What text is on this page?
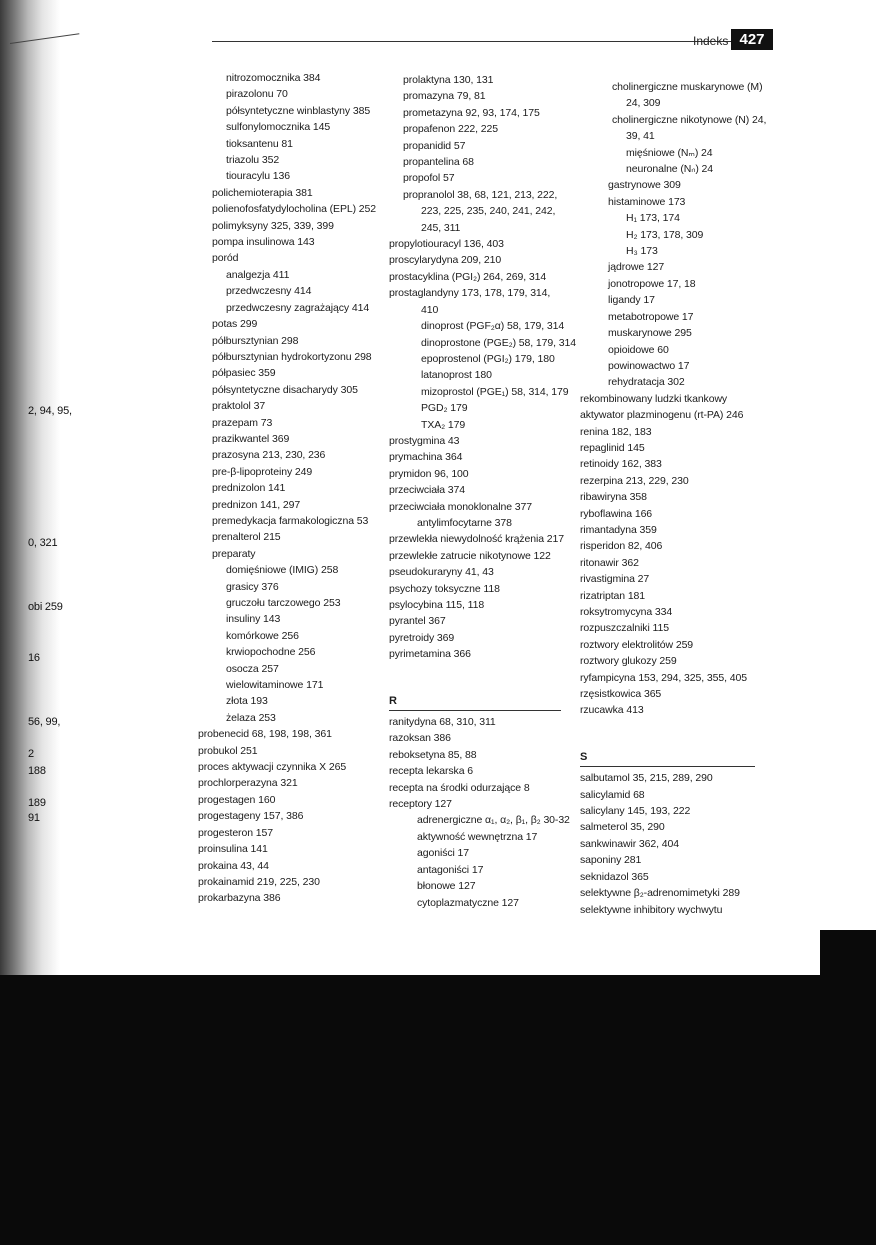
2, 94, 95,
0, 321
obi 259
16
56, 99,
2
188
189
91
Indeks 427
nitrozomocznika 384
pirazolonu 70
półsyntetyczne winblastyny 385
sulfonylomocznika 145
tioksantenu 81
triazolu 352
tiouracylu 136
polichemioterapia 381
polienofosfatydylocholina (EPL) 252
polimyksyny 325, 339, 399
pompa insulinowa 143
poród
analgezja 411
przedwczesny 414
przedwczesny zagrażający 414
potas 299
półbursztynian 298
półbursztynian hydrokortyzonu 298
półpasiec 359
półsyntetyczne disacharydy 305
praktolol 37
prazepam 73
prazikwantel 369
prazosyna 213, 230, 236
pre-β-lipoproteiny 249
prednizolon 141
prednizon 141, 297
premedykacja farmakologiczna 53
prenalterol 215
preparaty
domięśniowe (IMIG) 258
grasicy 376
gruczołu tarczowego 253
insuliny 143
komórkowe 256
krwiopochodne 256
osocza 257
wielowitaminowe 171
złota 193
żelaza 253
probenecid 68, 198, 198, 361
probukol 251
proces aktywacji czynnika X 265
prochlorperazyna 321
progestagen 160
progestageny 157, 386
progesteron 157
proinsulina 141
prokaina 43, 44
prokainamid 219, 225, 230
prokarbazyna 386
prolaktyna 130, 131
promazyna 79, 81
prometazyna 92, 93, 174, 175
propafenon 222, 225
propanidid 57
propantelina 68
propofol 57
propranolol 38, 68, 121, 213, 222,
223, 225, 235, 240, 241, 242,
245, 311
propylotiouracyl 136, 403
proscylarydyna 209, 210
prostacyklina (PGI₂) 264, 269, 314
prostaglandyny 173, 178, 179, 314,
410
dinoprost (PGF₂α) 58, 179, 314
dinoprostone (PGE₂) 58, 179, 314
epoprostenol (PGI₂) 179, 180
latanoprost 180
mizoprostol (PGE₁) 58, 314, 179
PGD₂ 179
TXA₂ 179
prostygmina 43
prymachina 364
prymidon 96, 100
przeciwciała 374
przeciwciała monoklonalne 377
antylimfocytarne 378
przewlekła niewydolność krążenia 217
przewlekłe zatrucie nikotynowe 122
pseudokuraryny 41, 43
psychozy toksyczne 118
psylocybina 115, 118
pyrantel 367
pyretroidy 369
pyrimetamina 366
R
ranitydyna 68, 310, 311
razoksan 386
reboksetyna 85, 88
recepta lekarska 6
recepta na środki odurzające 8
receptory 127
adrenergiczne α₁, α₂, β₁, β₂ 30-32
aktywność wewnętrzna 17
agoniści 17
antagoniści 17
błonowe 127
cytoplazmatyczne 127
cholinergiczne muskarynowe (M)
24, 309
cholinergiczne nikotynowe (N) 24,
39, 41
mięśniowe (Nₘ) 24
neuronalne (Nₙ) 24
gastrynowe 309
histaminowe 173
H₁ 173, 174
H₂ 173, 178, 309
H₃ 173
jądrowe 127
jonotropowe 17, 18
ligandy 17
metabotropowe 17
muskarynowe 295
opioidowe 60
powinowactwo 17
rehydratacja 302
rekombinowany ludzki tkankowy
aktywator plazminogenu (rt-PA) 246
renina 182, 183
repaglinid 145
retinoidy 162, 383
rezerpina 213, 229, 230
ribawiryna 358
ryboflawina 166
rimantadyna 359
risperidon 82, 406
ritonawir 362
rivastigmina 27
rizatriptan 181
roksytromycyna 334
rozpuszczalniki 115
roztwory elektrolitów 259
roztwory glukozy 259
ryfampicyna 153, 294, 325, 355, 405
rzęsistkowica 365
rzucawka 413
S
salbutamol 35, 215, 289, 290
salicylamid 68
salicylany 145, 193, 222
salmeterol 35, 290
sankwinawir 362, 404
saponiny 281
seknidazol 365
selektywne β₂-adrenomimetyki 289
selektywne inhibitory wychwytu
